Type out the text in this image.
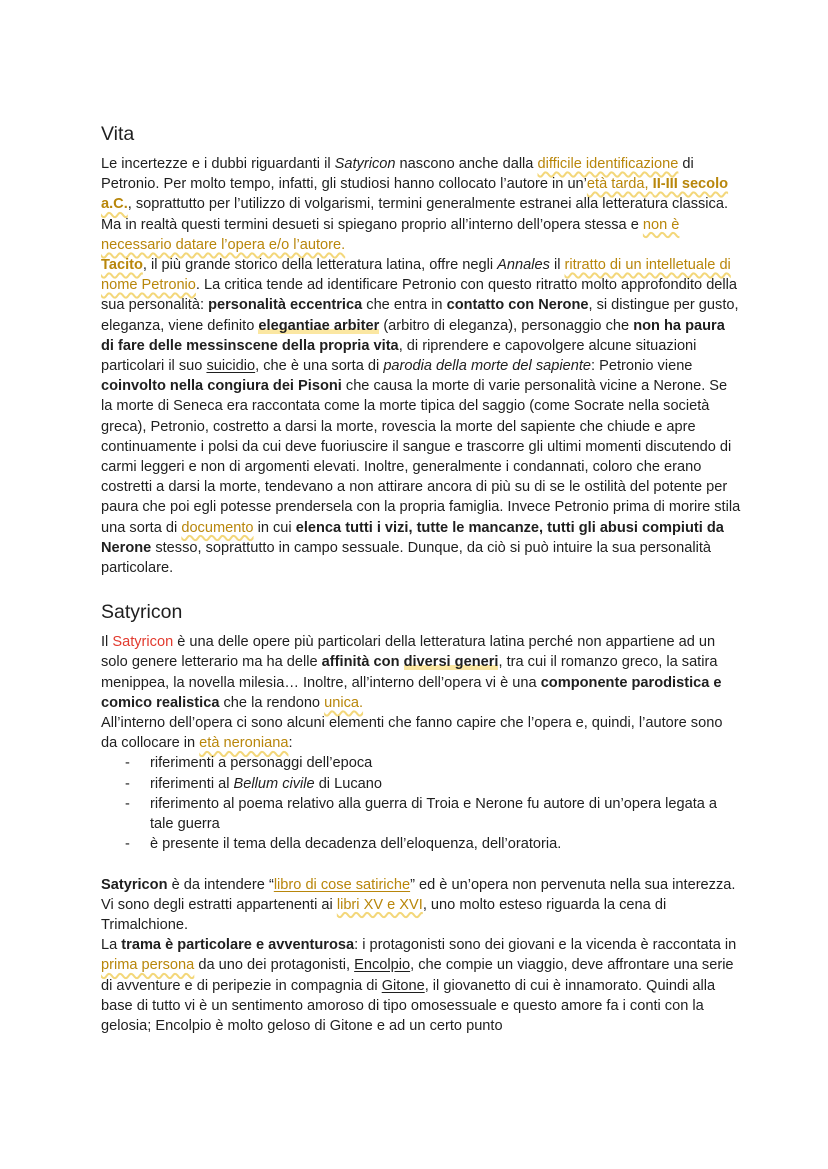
Vita

Le incertezze e i dubbi riguardanti il Satyricon nascono anche dalla difficile identificazione di Petronio. Per molto tempo, infatti, gli studiosi hanno collocato l’autore in un’età tarda, II-III secolo a.C., soprattutto per l’utilizzo di volgarismi, termini generalmente estranei alla letteratura classica. Ma in realtà questi termini desueti si spiegano proprio all’interno dell’opera stessa e non è necessario datare l’opera e/o l’autore.
Tacito, il più grande storico della letteratura latina, offre negli Annales il ritratto di un intelletuale di nome Petronio. La critica tende ad identificare Petronio con questo ritratto molto approfondito della sua personalità: personalità eccentrica che entra in contatto con Nerone, si distingue per gusto, eleganza, viene definito elegantiae arbiter (arbitro di eleganza), personaggio che non ha paura di fare delle messinscene della propria vita, di riprendere e capovolgere alcune situazioni particolari il suo suicidio, che è una sorta di parodia della morte del sapiente: Petronio viene coinvolto nella congiura dei Pisoni che causa la morte di varie personalità vicine a Nerone. Se la morte di Seneca era raccontata come la morte tipica del saggio (come Socrate nella società greca), Petronio, costretto a darsi la morte, rovescia la morte del sapiente che chiude e apre continuamente i polsi da cui deve fuoriuscire il sangue e trascorre gli ultimi momenti discutendo di carmi leggeri e non di argomenti elevati. Inoltre, generalmente i condannati, coloro che erano costretti a darsi la morte, tendevano a non attirare ancora di più su di se le ostilità del potente per paura che poi egli potesse prendersela con la propria famiglia. Invece Petronio prima di morire stila una sorta di documento in cui elenca tutti i vizi, tutte le mancanze, tutti gli abusi compiuti da Nerone stesso, soprattutto in campo sessuale. Dunque, da ciò si può intuire la sua personalità particolare.

Satyricon

Il Satyricon è una delle opere più particolari della letteratura latina perché non appartiene ad un solo genere letterario ma ha delle affinità con diversi generi, tra cui il romanzo greco, la satira menippea, la novella milesia… Inoltre, all’interno dell’opera vi è una componente parodistica e comico realistica che la rendono unica.
All’interno dell’opera ci sono alcuni elementi che fanno capire che l’opera e, quindi, l’autore sono da collocare in età neroniana:

- riferimenti a personaggi dell’epoca
- riferimenti al Bellum civile di Lucano
- riferimento al poema relativo alla guerra di Troia e Nerone fu autore di un’opera legata a tale guerra
- è presente il tema della decadenza dell’eloquenza, dell’oratoria.

Satyricon è da intendere “libro di cose satiriche” ed è un’opera non pervenuta nella sua interezza. Vi sono degli estratti appartenenti ai libri XV e XVI, uno molto esteso riguarda la cena di Trimalchione.
La trama è particolare e avventurosa: i protagonisti sono dei giovani e la vicenda è raccontata in prima persona da uno dei protagonisti, Encolpio, che compie un viaggio, deve affrontare una serie di avventure e di peripezie in compagnia di Gitone, il giovanetto di cui è innamorato. Quindi alla base di tutto vi è un sentimento amoroso di tipo omosessuale e questo amore fa i conti con la gelosia; Encolpio è molto geloso di Gitone e ad un certo punto
